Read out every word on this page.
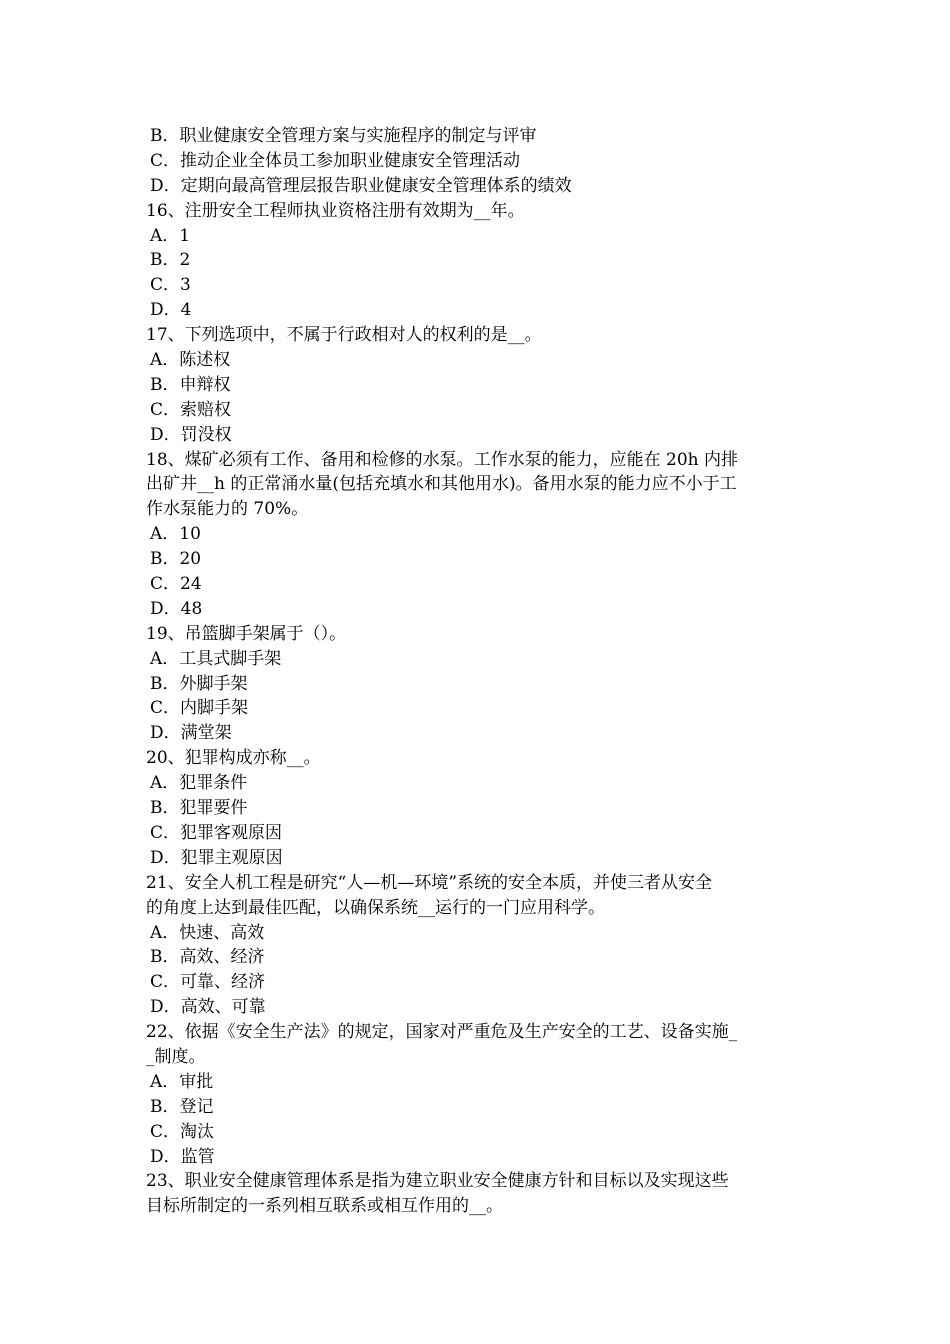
B．职业健康安全管理方案与实施程序的制定与评审
C．推动企业全体员工参加职业健康安全管理活动
D．定期向最高管理层报告职业健康安全管理体系的绩效
16、注册安全工程师执业资格注册有效期为__年。
A．1
B．2
C．3
D．4
17、下列选项中，不属于行政相对人的权利的是__。
A．陈述权
B．申辩权
C．索赔权
D．罚没权
18、煤矿必须有工作、备用和检修的水泵。工作水泵的能力，应能在 20h 内排
出矿井__h 的正常涌水量(包括充填水和其他用水)。备用水泵的能力应不小于工
作水泵能力的 70%。
A．10
B．20
C．24
D．48
19、吊篮脚手架属于（）。
A．工具式脚手架
B．外脚手架
C．内脚手架
D．满堂架
20、犯罪构成亦称__。
A．犯罪条件
B．犯罪要件
C．犯罪客观原因
D．犯罪主观原因
21、安全人机工程是研究“人—机—环境”系统的安全本质，并使三者从安全
的角度上达到最佳匹配，以确保系统__运行的一门应用科学。
A．快速、高效
B．高效、经济
C．可靠、经济
D．高效、可靠
22、依据《安全生产法》的规定，国家对严重危及生产安全的工艺、设备实施_
_制度。
A．审批
B．登记
C．淘汰
D．监管
23、职业安全健康管理体系是指为建立职业安全健康方针和目标以及实现这些
目标所制定的一系列相互联系或相互作用的__。
